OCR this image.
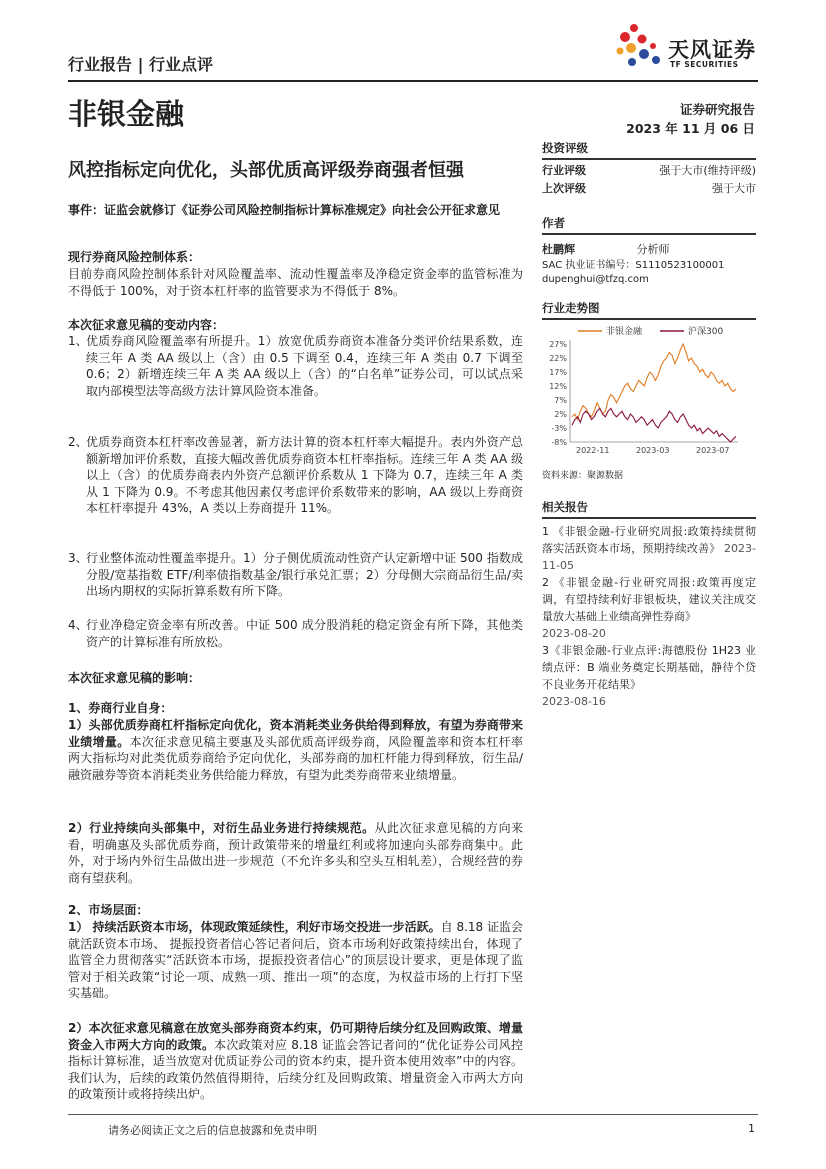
行业报告 | 行业点评
天风证券
TF SECURITIES
非银金融	证券研究报告
2023 年 11 月 06 日
风控指标定向优化，头部优质高评级券商强者恒强
事件：证监会就修订《证券公司风险控制指标计算标准规定》向社会公开征求意见
现行券商风险控制体系：

目前券商风险控制体系针对风险覆盖率、流动性覆盖率及净稳定资金率的监管标准为不得低于 100%，对于资本杠杆率的监管要求为不得低于 8%。

本次征求意见稿的变动内容：
1、
优质券商风险覆盖率有所提升。1）放宽优质券商资本准备分类评价结果系数，连续三年 A 类 AA 级以上（含）由 0.5 下调至 0.4，连续三年 A 类由 0.7 下调至 0.6；2）新增连续三年 A 类 AA 级以上（含）的“白名单”证券公司，可以试点采取内部模型法等高级方法计算风险资本准备。
2、
优质券商资本杠杆率改善显著，新方法计算的资本杠杆率大幅提升。表内外资产总额新增加评价系数，直接大幅改善优质券商资本杠杆率指标。连续三年 A 类 AA 级以上（含）的优质券商表内外资产总额评价系数从 1 下降为 0.7，连续三年 A 类从 1 下降为 0.9。不考虑其他因素仅考虑评价系数带来的影响，AA 级以上券商资本杠杆率提升 43%，A 类以上券商提升 11%。
3、
行业整体流动性覆盖率提升。1）分子侧优质流动性资产认定新增中证 500 指数成分股/宽基指数 ETF/利率债指数基金/银行承兑汇票；2）分母侧大宗商品衍生品/卖出场内期权的实际折算系数有所下降。
4、
行业净稳定资金率有所改善。中证 500 成分股消耗的稳定资金有所下降，其他类资产的计算标准有所放松。
本次征求意见稿的影响：
1、券商行业自身：

1）头部优质券商杠杆指标定向优化，资本消耗类业务供给得到释放，有望为券商带来业绩增量。本次征求意见稿主要惠及头部优质高评级券商，风险覆盖率和资本杠杆率两大指标均对此类优质券商给予定向优化，头部券商的加杠杆能力得到释放，衍生品/融资融券等资本消耗类业务供给能力释放，有望为此类券商带来业绩增量。

2）行业持续向头部集中，对衍生品业务进行持续规范。从此次征求意见稿的方向来看，明确惠及头部优质券商，预计政策带来的增量红利或将加速向头部券商集中。此外，对于场内外衍生品做出进一步规范（不允许多头和空头互相轧差），合规经营的券商有望获利。

2、市场层面：

1） 持续活跃资本市场，体现政策延续性，利好市场交投进一步活跃。自 8.18 证监会就活跃资本市场、 提振投资者信心答记者问后，资本市场利好政策持续出台，体现了监管全力贯彻落实“活跃资本市场，提振投资者信心”的顶层设计要求，更是体现了监管对于相关政策“讨论一项、成熟一项、推出一项”的态度，为权益市场的上行打下坚实基础。

2）本次征求意见稿意在放宽头部券商资本约束，仍可期待后续分红及回购政策、增量资金入市两大方向的政策。本次政策对应 8.18 证监会答记者问的“优化证券公司风控指标计算标准，适当放宽对优质证券公司的资本约束，提升资本使用效率”中的内容。我们认为，后续的政策仍然值得期待，后续分红及回购政策、增量资金入市两大方向的政策预计或将持续出炉。

投资评级
行业评级	强于大市(维持评级)
上次评级	强于大市
作者
杜鹏辉	分析师
SAC 执业证书编号：S1110523100001
dupenghui@tfzq.com
行业走势图
非银金融	沪深300
27%
22%
17%
12%
7%
2%
-3%
-8%
2022-11	2023-03	2023-07
资料来源：聚源数据
相关报告
1 《非银金融-行业研究周报:政策持续贯彻落实活跃资本市场，预期持续改善》 2023-11-05
2 《非银金融-行业研究周报:政策再度定调，有望持续利好非银板块，建议关注成交量放大基础上业绩高弹性券商》
2023-08-20
3《非银金融-行业点评:海德股份 1H23 业绩点评：B 端业务奠定长期基础，静待个贷不良业务开花结果》
2023-08-16
请务必阅读正文之后的信息披露和免责申明	1
